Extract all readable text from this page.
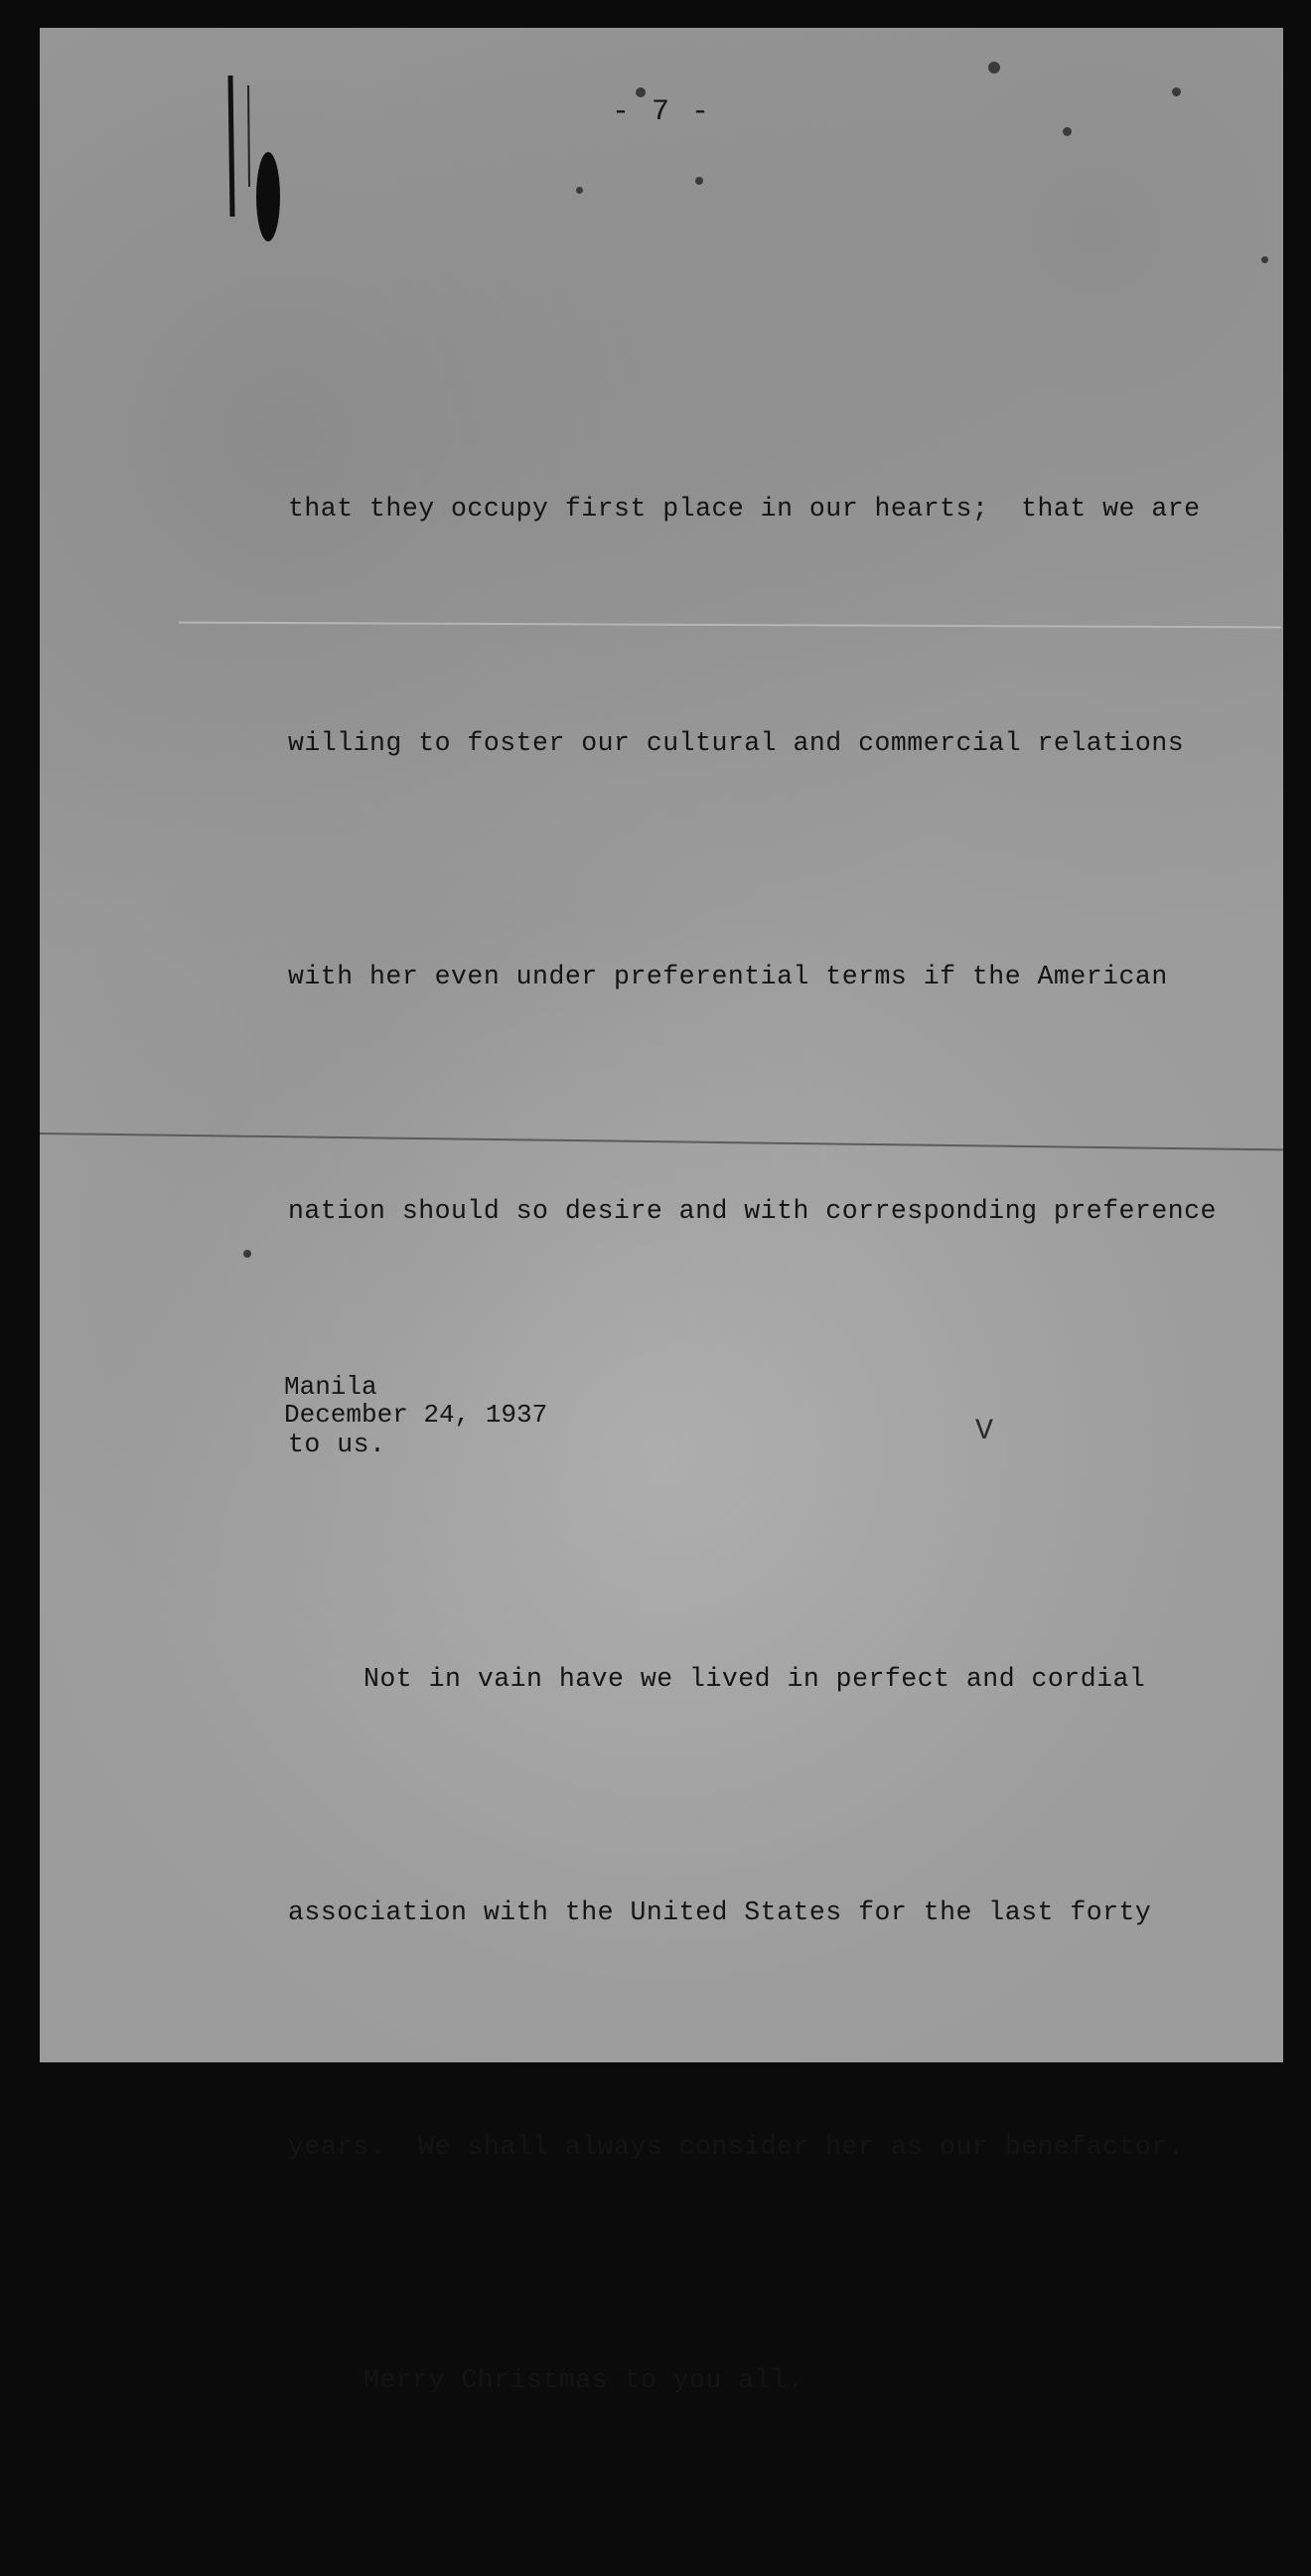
- 7 -

that they occupy first place in our hearts;  that we are

willing to foster our cultural and commercial relations

with her even under preferential terms if the American

nation should so desire and with corresponding preference

to us.

Not in vain have we lived in perfect and cordial

association with the United States for the last forty

years.  We shall always consider her as our benefactor.

Merry Christmas to you all.

Manila
December 24, 1937	V
